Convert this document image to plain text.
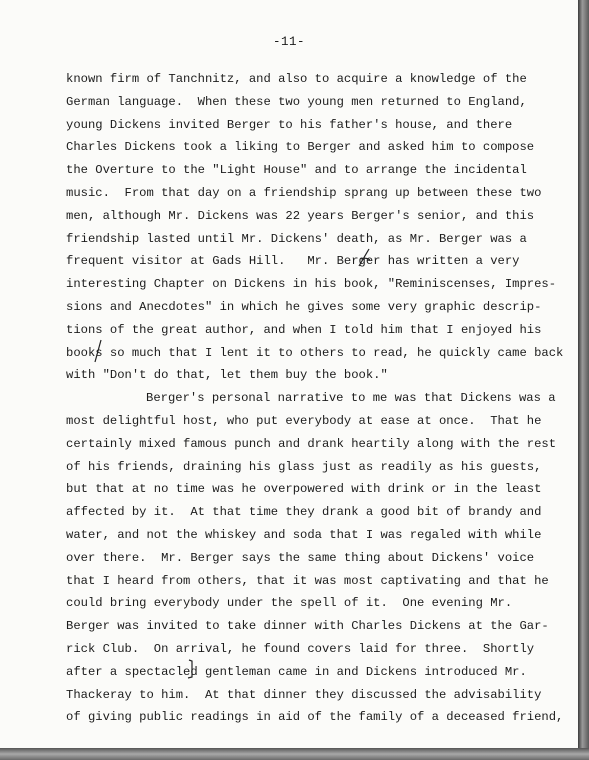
-11-
known firm of Tanchnitz, and also to acquire a knowledge of the
German language.  When these two young men returned to England,
young Dickens invited Berger to his father's house, and there
Charles Dickens took a liking to Berger and asked him to compose
the Overture to the "Light House" and to arrange the incidental
music.  From that day on a friendship sprang up between these two
men, although Mr. Dickens was 22 years Berger's senior, and this
friendship lasted until Mr. Dickens' death, as Mr. Berger was a
frequent visitor at Gads Hill.   Mr. Berger has written a very
interesting Chapter on Dickens in his book, "Reminiscenses, Impres-
sions and Anecdotes" in which he gives some very graphic descrip-
tions of the great author, and when I told him that I enjoyed his
books so much that I lent it to others to read, he quickly came back
with "Don't do that, let them buy the book."
Berger's personal narrative to me was that Dickens was a
most delightful host, who put everybody at ease at once.  That he
certainly mixed famous punch and drank heartily along with the rest
of his friends, draining his glass just as readily as his guests,
but that at no time was he overpowered with drink or in the least
affected by it.  At that time they drank a good bit of brandy and
water, and not the whiskey and soda that I was regaled with while
over there.  Mr. Berger says the same thing about Dickens' voice
that I heard from others, that it was most captivating and that he
could bring everybody under the spell of it.  One evening Mr.
Berger was invited to take dinner with Charles Dickens at the Gar-
rick Club.  On arrival, he found covers laid for three.  Shortly
after a spectacled gentleman came in and Dickens introduced Mr.
Thackeray to him.  At that dinner they discussed the advisability
of giving public readings in aid of the family of a deceased friend,
